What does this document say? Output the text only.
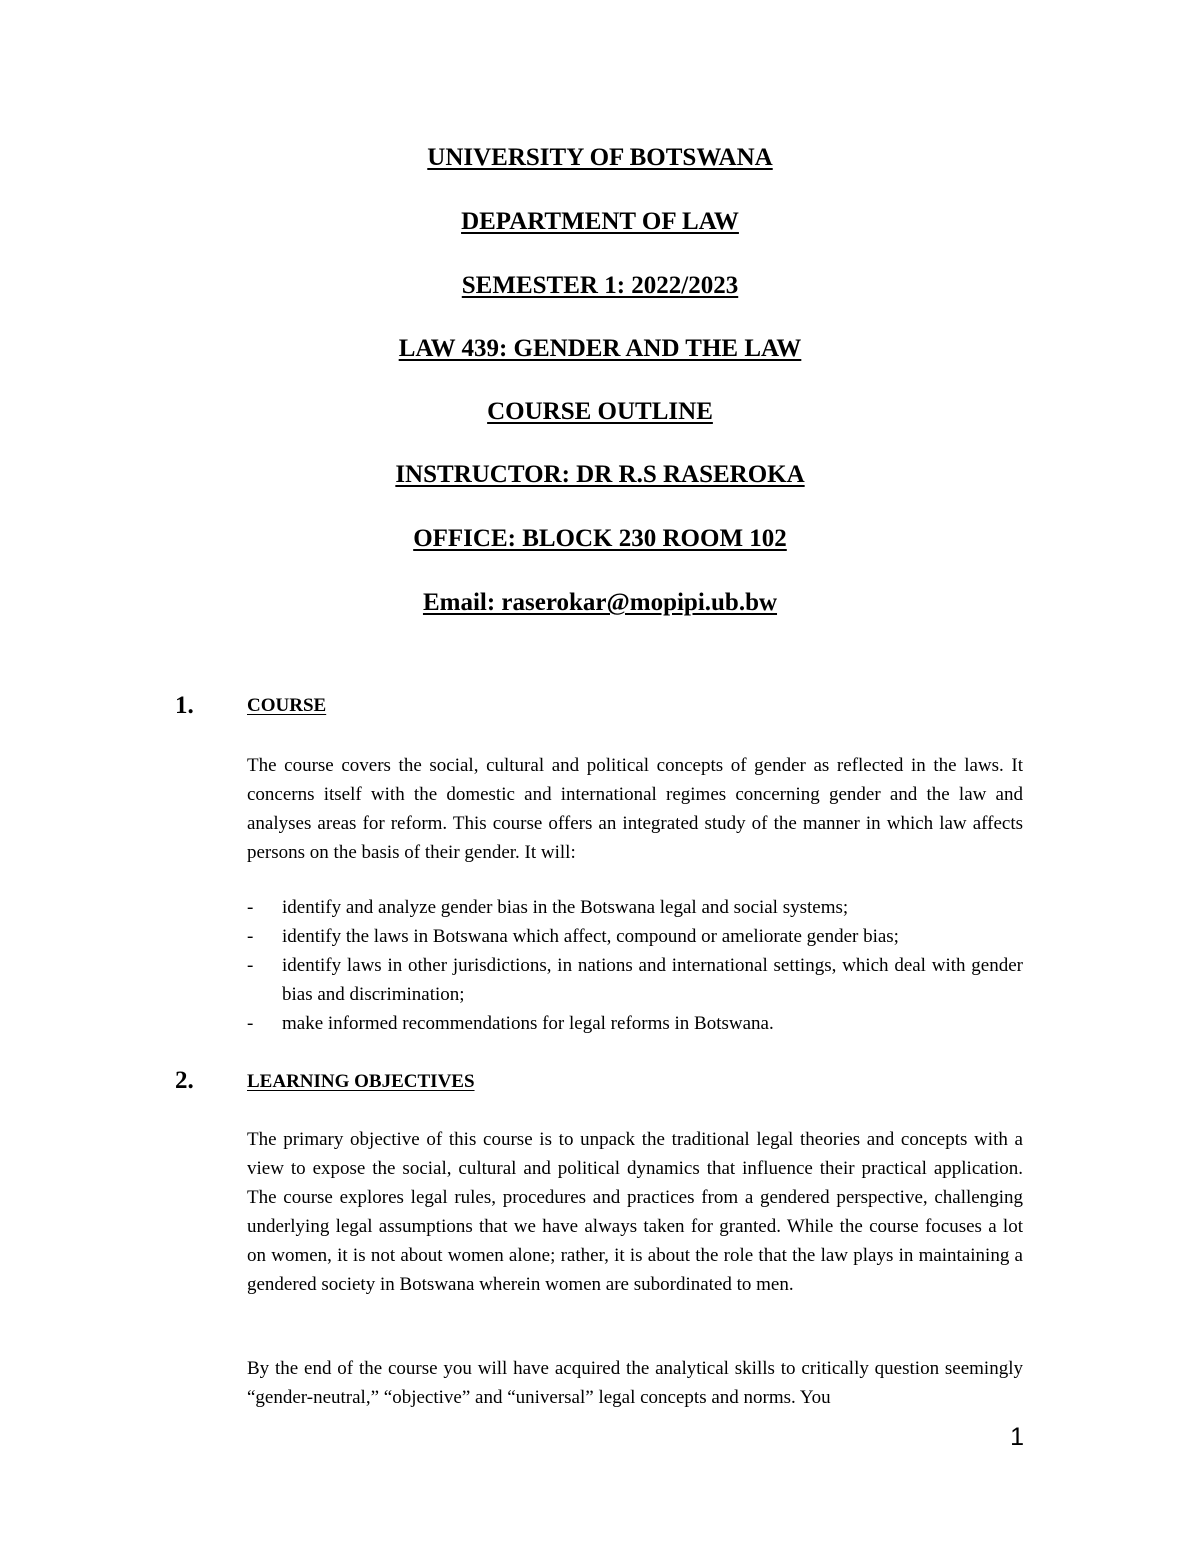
UNIVERSITY OF BOTSWANA
DEPARTMENT OF LAW
SEMESTER 1: 2022/2023
LAW 439: GENDER AND THE LAW
COURSE OUTLINE
INSTRUCTOR: DR R.S RASEROKA
OFFICE: BLOCK 230 ROOM 102
Email: raserokar@mopipi.ub.bw
1.	COURSE

The course covers the social, cultural and political concepts of gender as reflected in the laws. It concerns itself with the domestic and international regimes concerning gender and the law and analyses areas for reform. This course offers an integrated study of the manner in which law affects persons on the basis of their gender. It will:

- identify and analyze gender bias in the Botswana legal and social systems;
- identify the laws in Botswana which affect, compound or ameliorate gender bias;
- identify laws in other jurisdictions, in nations and international settings, which deal with gender bias and discrimination;
- make informed recommendations for legal reforms in Botswana.
2.	LEARNING OBJECTIVES

The primary objective of this course is to unpack the traditional legal theories and concepts with a view to expose the social, cultural and political dynamics that influence their practical application. The course explores legal rules, procedures and practices from a gendered perspective, challenging underlying legal assumptions that we have always taken for granted. While the course focuses a lot on women, it is not about women alone; rather, it is about the role that the law plays in maintaining a gendered society in Botswana wherein women are subordinated to men.

By the end of the course you will have acquired the analytical skills to critically question seemingly “gender-neutral,” “objective” and “universal” legal concepts and norms. You

1
